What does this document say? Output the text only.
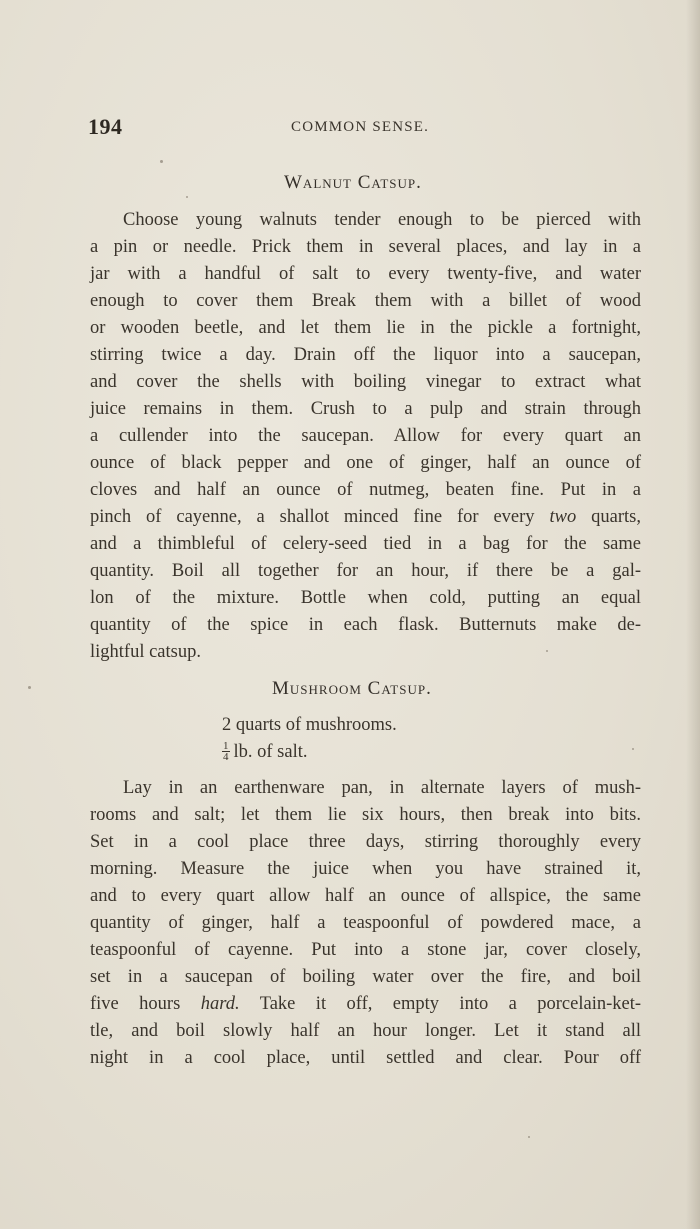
194	COMMON SENSE.
Walnut Catsup.
Choose young walnuts tender enough to be pierced with
a pin or needle. Prick them in several places, and lay in a
jar with a handful of salt to every twenty-five, and water
enough to cover them Break them with a billet of wood
or wooden beetle, and let them lie in the pickle a fortnight,
stirring twice a day. Drain off the liquor into a saucepan,
and cover the shells with boiling vinegar to extract what
juice remains in them. Crush to a pulp and strain through
a cullender into the saucepan. Allow for every quart an
ounce of black pepper and one of ginger, half an ounce of
cloves and half an ounce of nutmeg, beaten fine. Put in a
pinch of cayenne, a shallot minced fine for every two quarts,
and a thimbleful of celery-seed tied in a bag for the same
quantity. Boil all together for an hour, if there be a gal-
lon of the mixture. Bottle when cold, putting an equal
quantity of the spice in each flask. Butternuts make de-
lightful catsup.
Mushroom Catsup.
2 quarts of mushrooms.
$\frac{1}{4}$ lb. of salt.
Lay in an earthenware pan, in alternate layers of mush-
rooms and salt; let them lie six hours, then break into bits.
Set in a cool place three days, stirring thoroughly every
morning. Measure the juice when you have strained it,
and to every quart allow half an ounce of allspice, the same
quantity of ginger, half a teaspoonful of powdered mace, a
teaspoonful of cayenne. Put into a stone jar, cover closely,
set in a saucepan of boiling water over the fire, and boil
five hours hard. Take it off, empty into a porcelain-ket-
tle, and boil slowly half an hour longer. Let it stand all
night in a cool place, until settled and clear. Pour off
